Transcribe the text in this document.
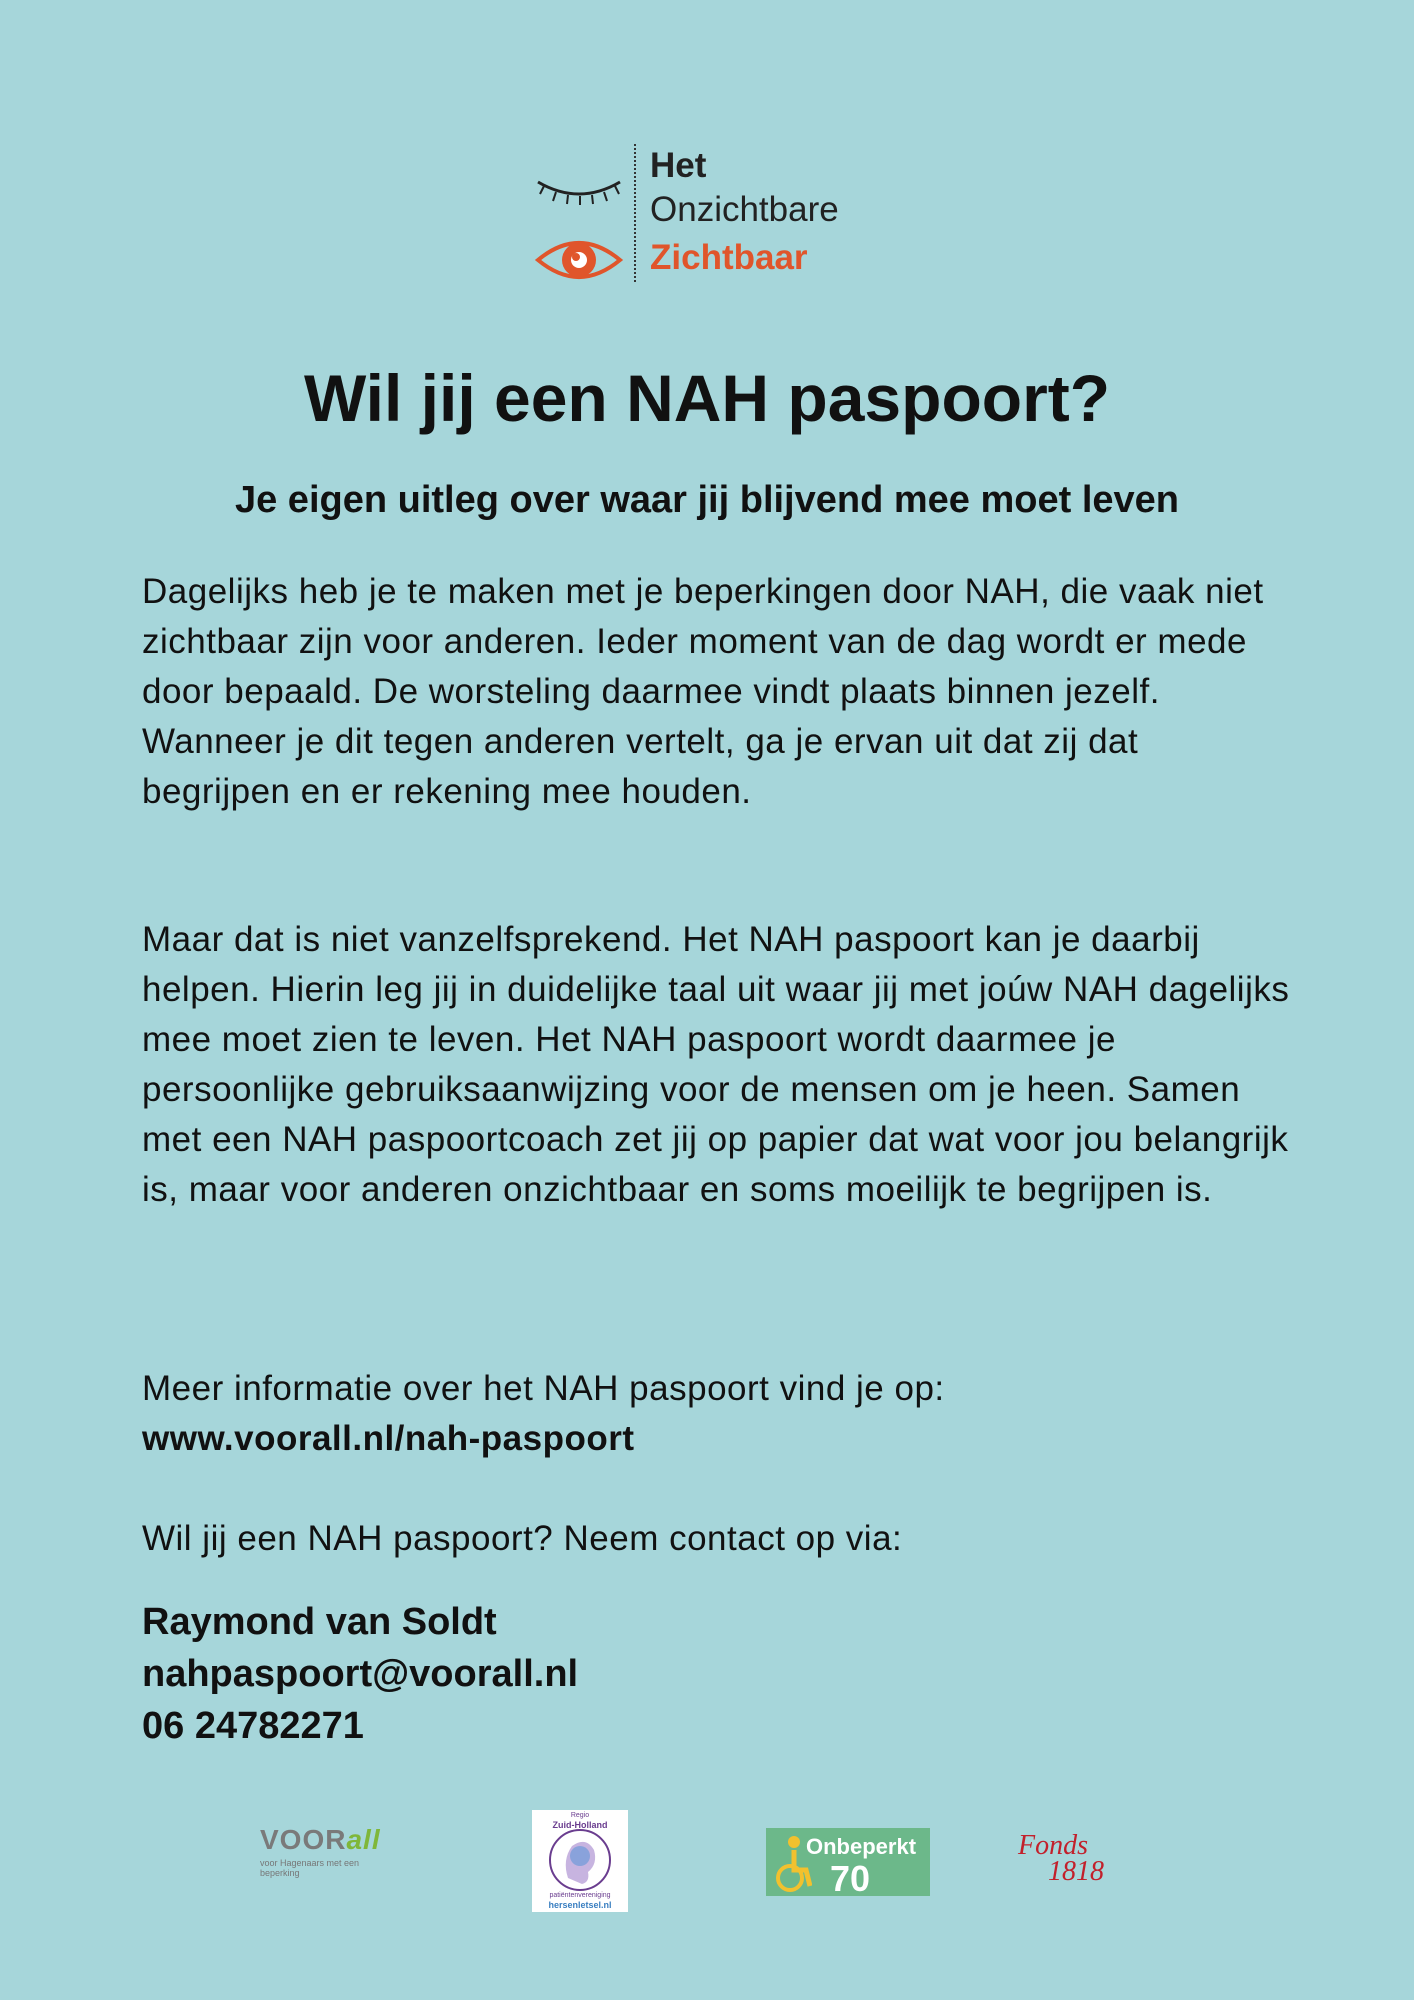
Het
Onzichtbare
Zichtbaar
Wil jij een NAH paspoort?

Je eigen uitleg over waar jij blijvend mee moet leven

Dagelijks heb je te maken met je beperkingen door NAH, die vaak niet zichtbaar zijn voor anderen. Ieder moment van de dag wordt er mede door bepaald. De worsteling daarmee vindt plaats binnen jezelf. Wanneer je dit tegen anderen vertelt, ga je ervan uit dat zij dat begrijpen en er rekening mee houden.

Maar dat is niet vanzelfsprekend. Het NAH paspoort kan je daarbij helpen. Hierin leg jij in duidelijke taal uit waar jij met joúw NAH dagelijks mee moet zien te leven. Het NAH paspoort wordt daarmee je persoonlijke gebruiksaanwijzing voor de mensen om je heen. Samen met een NAH paspoortcoach zet jij op papier dat wat voor jou belangrijk is, maar voor anderen onzichtbaar en soms moeilijk te begrijpen is.

Meer informatie over het NAH paspoort vind je op:
www.voorall.nl/nah-paspoort

Wil jij een NAH paspoort? Neem contact op via:

Raymond van Soldt
nahpaspoort@voorall.nl
06 24782271
VOORall
voor Hagenaars met een beperking
Regio
Zuid-Holland
patiëntenvereniging
hersenletsel.nl
Onbeperkt
70
Fonds
1818
